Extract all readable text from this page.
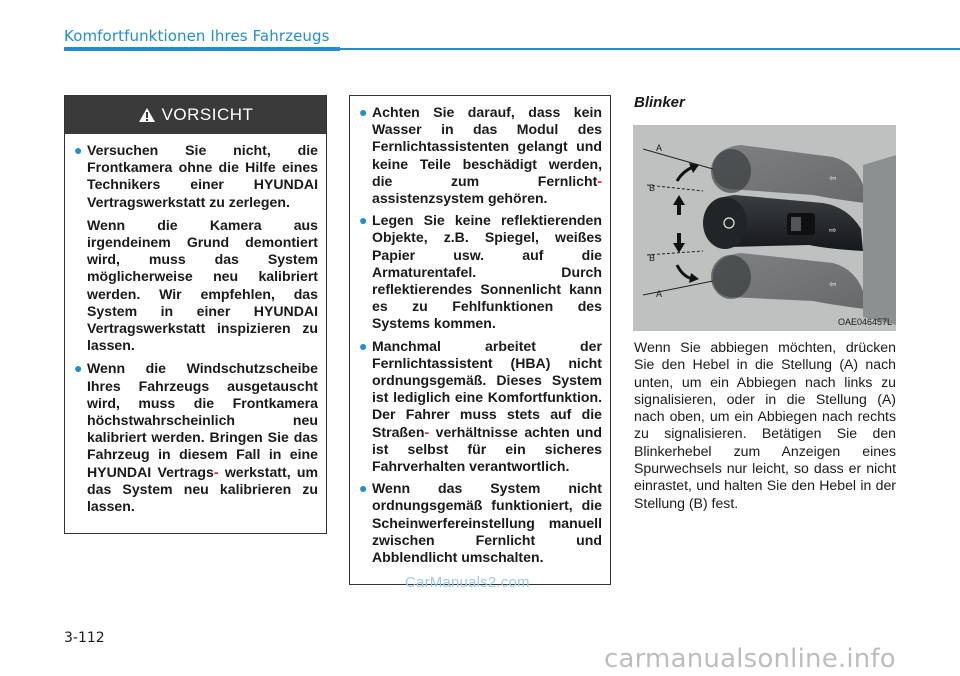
Komfortfunktionen Ihres Fahrzeugs
VORSICHT
● Versuchen Sie nicht, die Frontkamera ohne die Hilfe eines Technikers einer HYUNDAI Vertragswerkstatt zu zerlegen.

Wenn die Kamera aus irgendeinem Grund demontiert wird, muss das System möglicherweise neu kalibriert werden. Wir empfehlen, das System in einer HYUNDAI Vertragswerkstatt inspizieren zu lassen.

● Wenn die Windschutzscheibe Ihres Fahrzeugs ausgetauscht wird, muss die Frontkamera höchstwahrscheinlich neu kalibriert werden. Bringen Sie das Fahrzeug in diesem Fall in eine HYUNDAI Vertrags- werkstatt, um das System neu kalibrieren zu lassen.
● Achten Sie darauf, dass kein Wasser in das Modul des Fernlichtassistenten gelangt und keine Teile beschädigt werden, die zum Fernlicht- assistenzsystem gehören.
● Legen Sie keine reflektierenden Objekte, z.B. Spiegel, weißes Papier usw. auf die Armaturentafel. Durch reflektierendes Sonnenlicht kann es zu Fehlfunktionen des Systems kommen.
● Manchmal arbeitet der Fernlichtassistent (HBA) nicht ordnungsgemäß. Dieses System ist lediglich eine Komfortfunktion. Der Fahrer muss stets auf die Straßen- verhältnisse achten und ist selbst für ein sicheres Fahrverhalten verantwortlich.
● Wenn das System nicht ordnungsgemäß funktioniert, die Scheinwerfereinstellung manuell zwischen Fernlicht und Abblendlicht umschalten.
Blinker
⇦
⇨
⇦
A
B
B
A
OAE046457L

Wenn Sie abbiegen möchten, drücken Sie den Hebel in die Stellung (A) nach unten, um ein Abbiegen nach links zu signalisieren, oder in die Stellung (A) nach oben, um ein Abbiegen nach rechts zu signalisieren. Betätigen Sie den Blinkerhebel zum Anzeigen eines Spurwechsels nur leicht, so dass er nicht einrastet, und halten Sie den Hebel in der Stellung (B) fest.

CarManuals2.com
3-112
carmanualsonline.info
